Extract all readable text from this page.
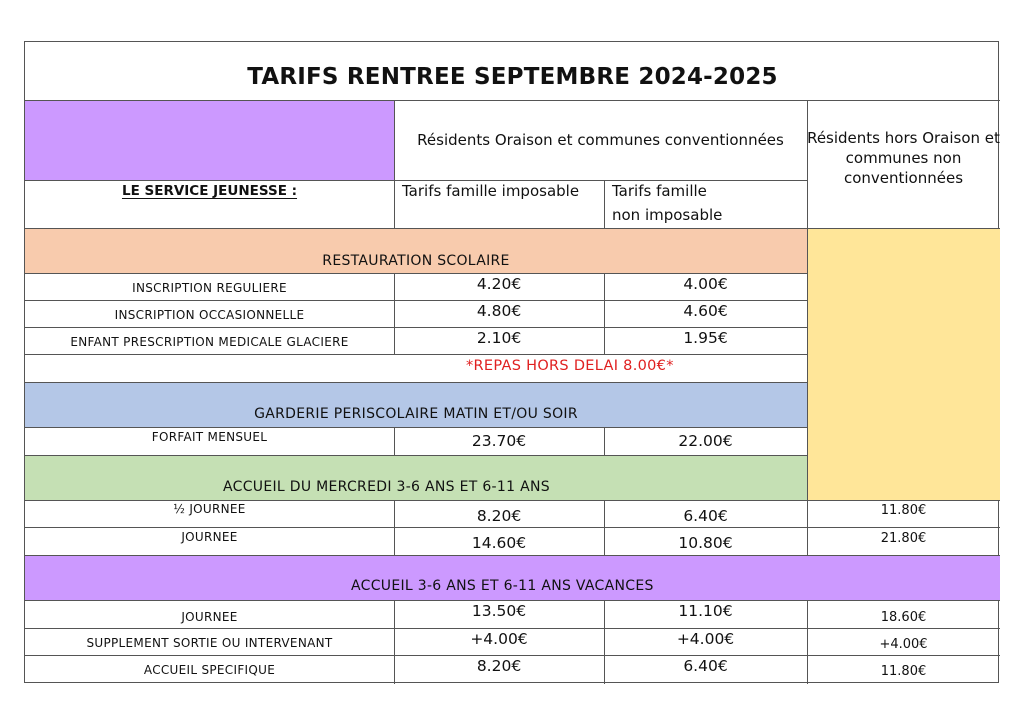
TARIFS RENTREE SEPTEMBRE 2024-2025
Résidents Oraison et communes conventionnées	Résidents hors Oraison et communes non conventionnées
LE SERVICE JEUNESSE :	Tarifs famille imposable	Tarifs famille
non imposable
RESTAURATION SCOLAIRE
INSCRIPTION REGULIERE	4.20€	4.00€
INSCRIPTION OCCASIONNELLE	4.80€	4.60€
ENFANT PRESCRIPTION MEDICALE GLACIERE	2.10€	1.95€
*REPAS HORS DELAI 8.00€*
GARDERIE PERISCOLAIRE MATIN ET/OU SOIR
FORFAIT MENSUEL	23.70€	22.00€
ACCUEIL DU MERCREDI 3-6 ANS ET 6-11 ANS
½ JOURNEE	8.20€	6.40€	11.80€
JOURNEE	14.60€	10.80€	21.80€
ACCUEIL 3-6 ANS ET 6-11 ANS VACANCES
JOURNEE	13.50€	11.10€	18.60€
SUPPLEMENT SORTIE OU INTERVENANT	+4.00€	+4.00€	+4.00€
ACCUEIL SPECIFIQUE	8.20€	6.40€	11.80€
